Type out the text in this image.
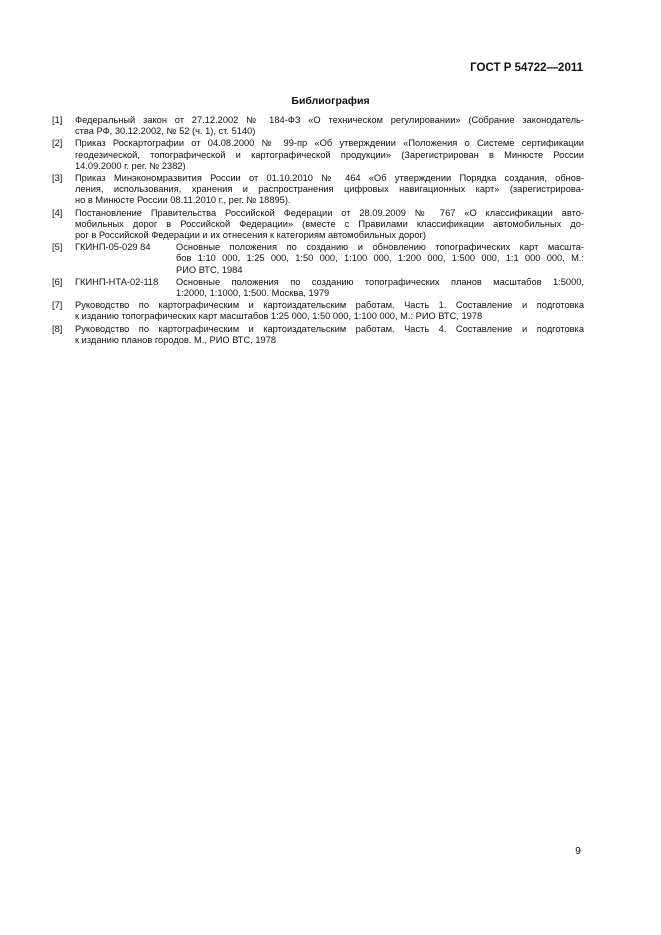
ГОСТ Р 54722—2011
Библиография
[1]	Федеральный закон от 27.12.2002 № 184-ФЗ «О техническом регулировании» (Собрание законодатель-
ства РФ, 30.12.2002, № 52 (ч. 1), ст. 5140)
[2]	Приказ Роскартографии от 04.08.2000 № 99-пр «Об утверждении «Положения о Системе сертификации
геодезической, топографической и картографической продукции» (Зарегистрирован в Минюсте России
14.09.2000 г. рег. № 2382)
[3]	Приказ Минэкономразвития России от 01.10.2010 № 464 «Об утверждении Порядка создания, обнов-
ления, использования, хранения и распространения цифровых навигационных карт» (зарегистрирова-
но в Минюсте России 08.11.2010 г., рег. № 18895).
[4]	Постановление Правительства Российской Федерации от 28.09.2009 № 767 «О классификации авто-
мобильных дорог в Российской Федерации» (вместе с Правилами классификации автомобильных до-
рог в Российской Федерации и их отнесения к категориям автомобильных дорог)
[5]	ГКИНП-05-029 84	Основные положения по созданию и обновлению топографических карт масшта-
бов 1:10 000, 1:25 000, 1:50 000, 1:100 000, 1:200 000, 1:500 000, 1:1 000 000, М.:
РИО ВТС, 1984
[6]	ГКИНП-НТА-02-118	Основные положения по созданию топографических планов масштабов 1:5000,
1:2000, 1:1000, 1:500. Москва, 1979
[7]	Руководство по картографическим и картоиздательским работам. Часть 1. Составление и подготовка
к изданию топографических карт масштабов 1:25 000, 1:50 000, 1:100 000, М.: РИО ВТС, 1978
[8]	Руководство по картографическим и картоиздательским работам. Часть 4. Составление и подготовка
к изданию планов городов. М., РИО ВТС, 1978
9
